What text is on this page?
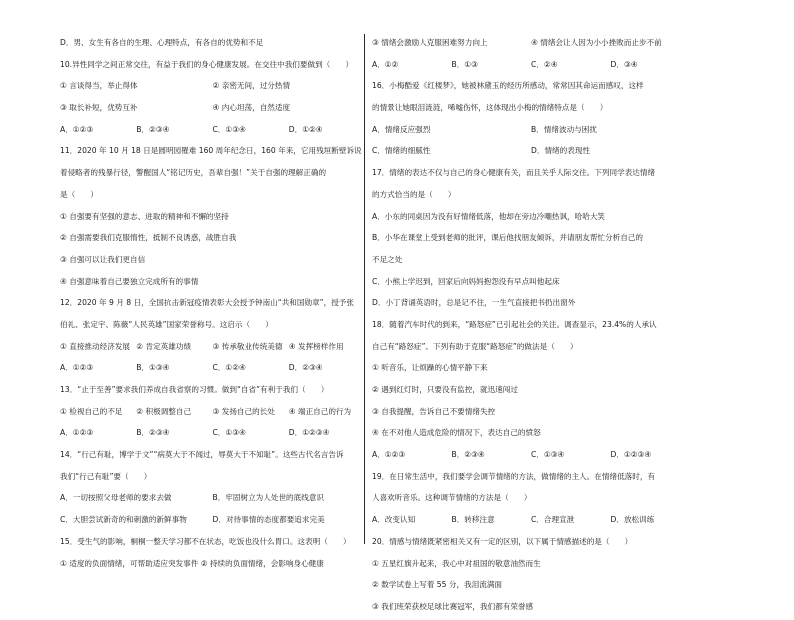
D．男、女生有各自的生理、心理特点，有各自的优势和不足
10.异性同学之间正常交往，有益于我们的身心健康发展。在交往中我们要做到（　　）
① 言谈得当，举止得体	② 亲密无间，过分热情
③ 取长补短，优势互补	④ 内心坦荡，自然适度
A．①②③	B．②③④	C．①③④	D．①②④
11．2020 年 10 月 18 日是圆明园罹难 160 周年纪念日，160 年来，它用残垣断壁诉说
着侵略者的残暴行径，警醒国人“铭记历史，吾辈自强！”关于自强的理解正确的
是（　　）
① 自强要有坚强的意志、进取的精神和不懈的坚持
② 自强需要我们克服惰性，抵制不良诱惑，战胜自我
③ 自强可以让我们更自信
④ 自强意味着自己要独立完成所有的事情
12．2020 年 9 月 8 日，全国抗击新冠疫情表彰大会授予钟南山“共和国勋章”，授予张
伯礼、张定宇、陈薇“人民英雄”国家荣誉称号。这启示（　　）
① 直接推动经济发展 ② 肯定英雄功绩	③ 传承敬业传统美德 ④ 发挥榜样作用
A．①②③	B．①③④	C．①②④	D．②③④
13．“止于至善”要求我们养成自我省察的习惯。做到“自省”有利于我们（　　）
① 检视自己的不足	② 积极调整自己	③ 发扬自己的长处	④ 端正自己的行为
A．①②③	B．②③④	C．①③④	D．①②③④
14．“行己有耻，博学于文”“病莫大于不闻过，辱莫大于不知耻”。这些古代名言告诉
我们“行己有耻”要（　　）
A．一切按照父母老师的要求去做	B．牢固树立为人处世的底线意识
C．大胆尝试新奇的和刺激的新鲜事物	D．对待事情的态度都要追求完美
15．受生气的影响，桐桐一整天学习都不在状态，吃饭也没什么胃口。这表明（　　）
① 适度的负面情绪，可帮助适应突发事件 ② 持续的负面情绪，会影响身心健康
③ 情绪会激励人克服困难努力向上	④ 情绪会让人因为小小挫败而止步不前
A．①②	B．①③	C．②④	D．③④
16．小梅酷爱《红楼梦》，她被林黛玉的经历所感动，常常因其命运而感叹，这样
的情景让她眼泪涟涟，唏嘘伤怀，这体现出小梅的情绪特点是（　　）
A．情绪反应强烈	B．情绪波动与困扰
C．情绪的细腻性	D．情绪的表现性
17．情绪的表达不仅与自己的身心健康有关，而且关乎人际交往。下列同学表达情绪
的方式恰当的是（　　）
A．小东的同桌因为没有好情绪低落，他却在旁边冷嘲热讽，哈哈大笑
B．小华在课堂上受到老师的批评，课后他找朋友倾诉，并请朋友帮忙分析自己的
不足之处
C．小熊上学迟到，回家后向妈妈抱怨没有早点叫他起床
D．小丁背诵英语时，总是记不住，一生气直接把书扔出窗外
18．随着汽车时代的到来，“路怒症”已引起社会的关注。调查显示，23.4%的人承认
自己有“路怒症”。下列有助于克服“路怒症”的做法是（　　）
① 听音乐，让烦躁的心情平静下来
② 遇到红灯时，只要没有监控，就迅速闯过
③ 自我提醒，告诉自己不要情绪失控
④ 在不对他人造成危险的情况下，表达自己的愤怒
A．①②③	B．②③④	C．①③④	D．①②③④
19．在日常生活中，我们要学会调节情绪的方法，做情绪的主人。在情绪低落时，有
人喜欢听音乐。这种调节情绪的方法是（　　）
A．改变认知	B．转移注意	C．合理宣泄	D．放松训练
20．情感与情绪既紧密相关又有一定的区别，以下属于情感描述的是（　　）
① 五星红旗升起来，我心中对祖国的敬意油然而生
② 数学试卷上写着 55 分，我泪流满面
③ 我们班荣获校足球比赛冠军，我们都有荣誉感
